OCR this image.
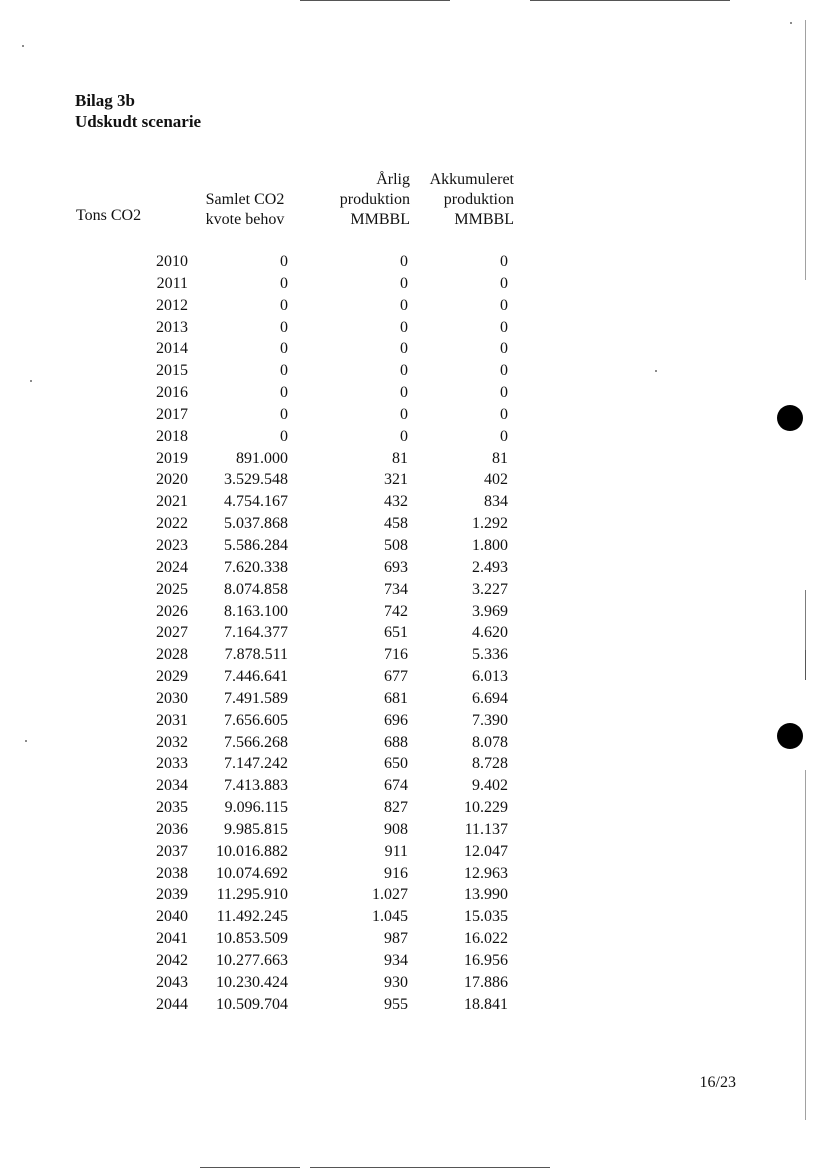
Bilag 3b
Udskudt scenarie
Tons CO2
Samlet CO2
kvote behov
Årlig
produktion
MMBBL
Akkumuleret
produktion
MMBBL
2010	0	0	0
2011	0	0	0
2012	0	0	0
2013	0	0	0
2014	0	0	0
2015	0	0	0
2016	0	0	0
2017	0	0	0
2018	0	0	0
2019	891.000	81	81
2020	3.529.548	321	402
2021	4.754.167	432	834
2022	5.037.868	458	1.292
2023	5.586.284	508	1.800
2024	7.620.338	693	2.493
2025	8.074.858	734	3.227
2026	8.163.100	742	3.969
2027	7.164.377	651	4.620
2028	7.878.511	716	5.336
2029	7.446.641	677	6.013
2030	7.491.589	681	6.694
2031	7.656.605	696	7.390
2032	7.566.268	688	8.078
2033	7.147.242	650	8.728
2034	7.413.883	674	9.402
2035	9.096.115	827	10.229
2036	9.985.815	908	11.137
2037	10.016.882	911	12.047
2038	10.074.692	916	12.963
2039	11.295.910	1.027	13.990
2040	11.492.245	1.045	15.035
2041	10.853.509	987	16.022
2042	10.277.663	934	16.956
2043	10.230.424	930	17.886
2044	10.509.704	955	18.841
16/23
